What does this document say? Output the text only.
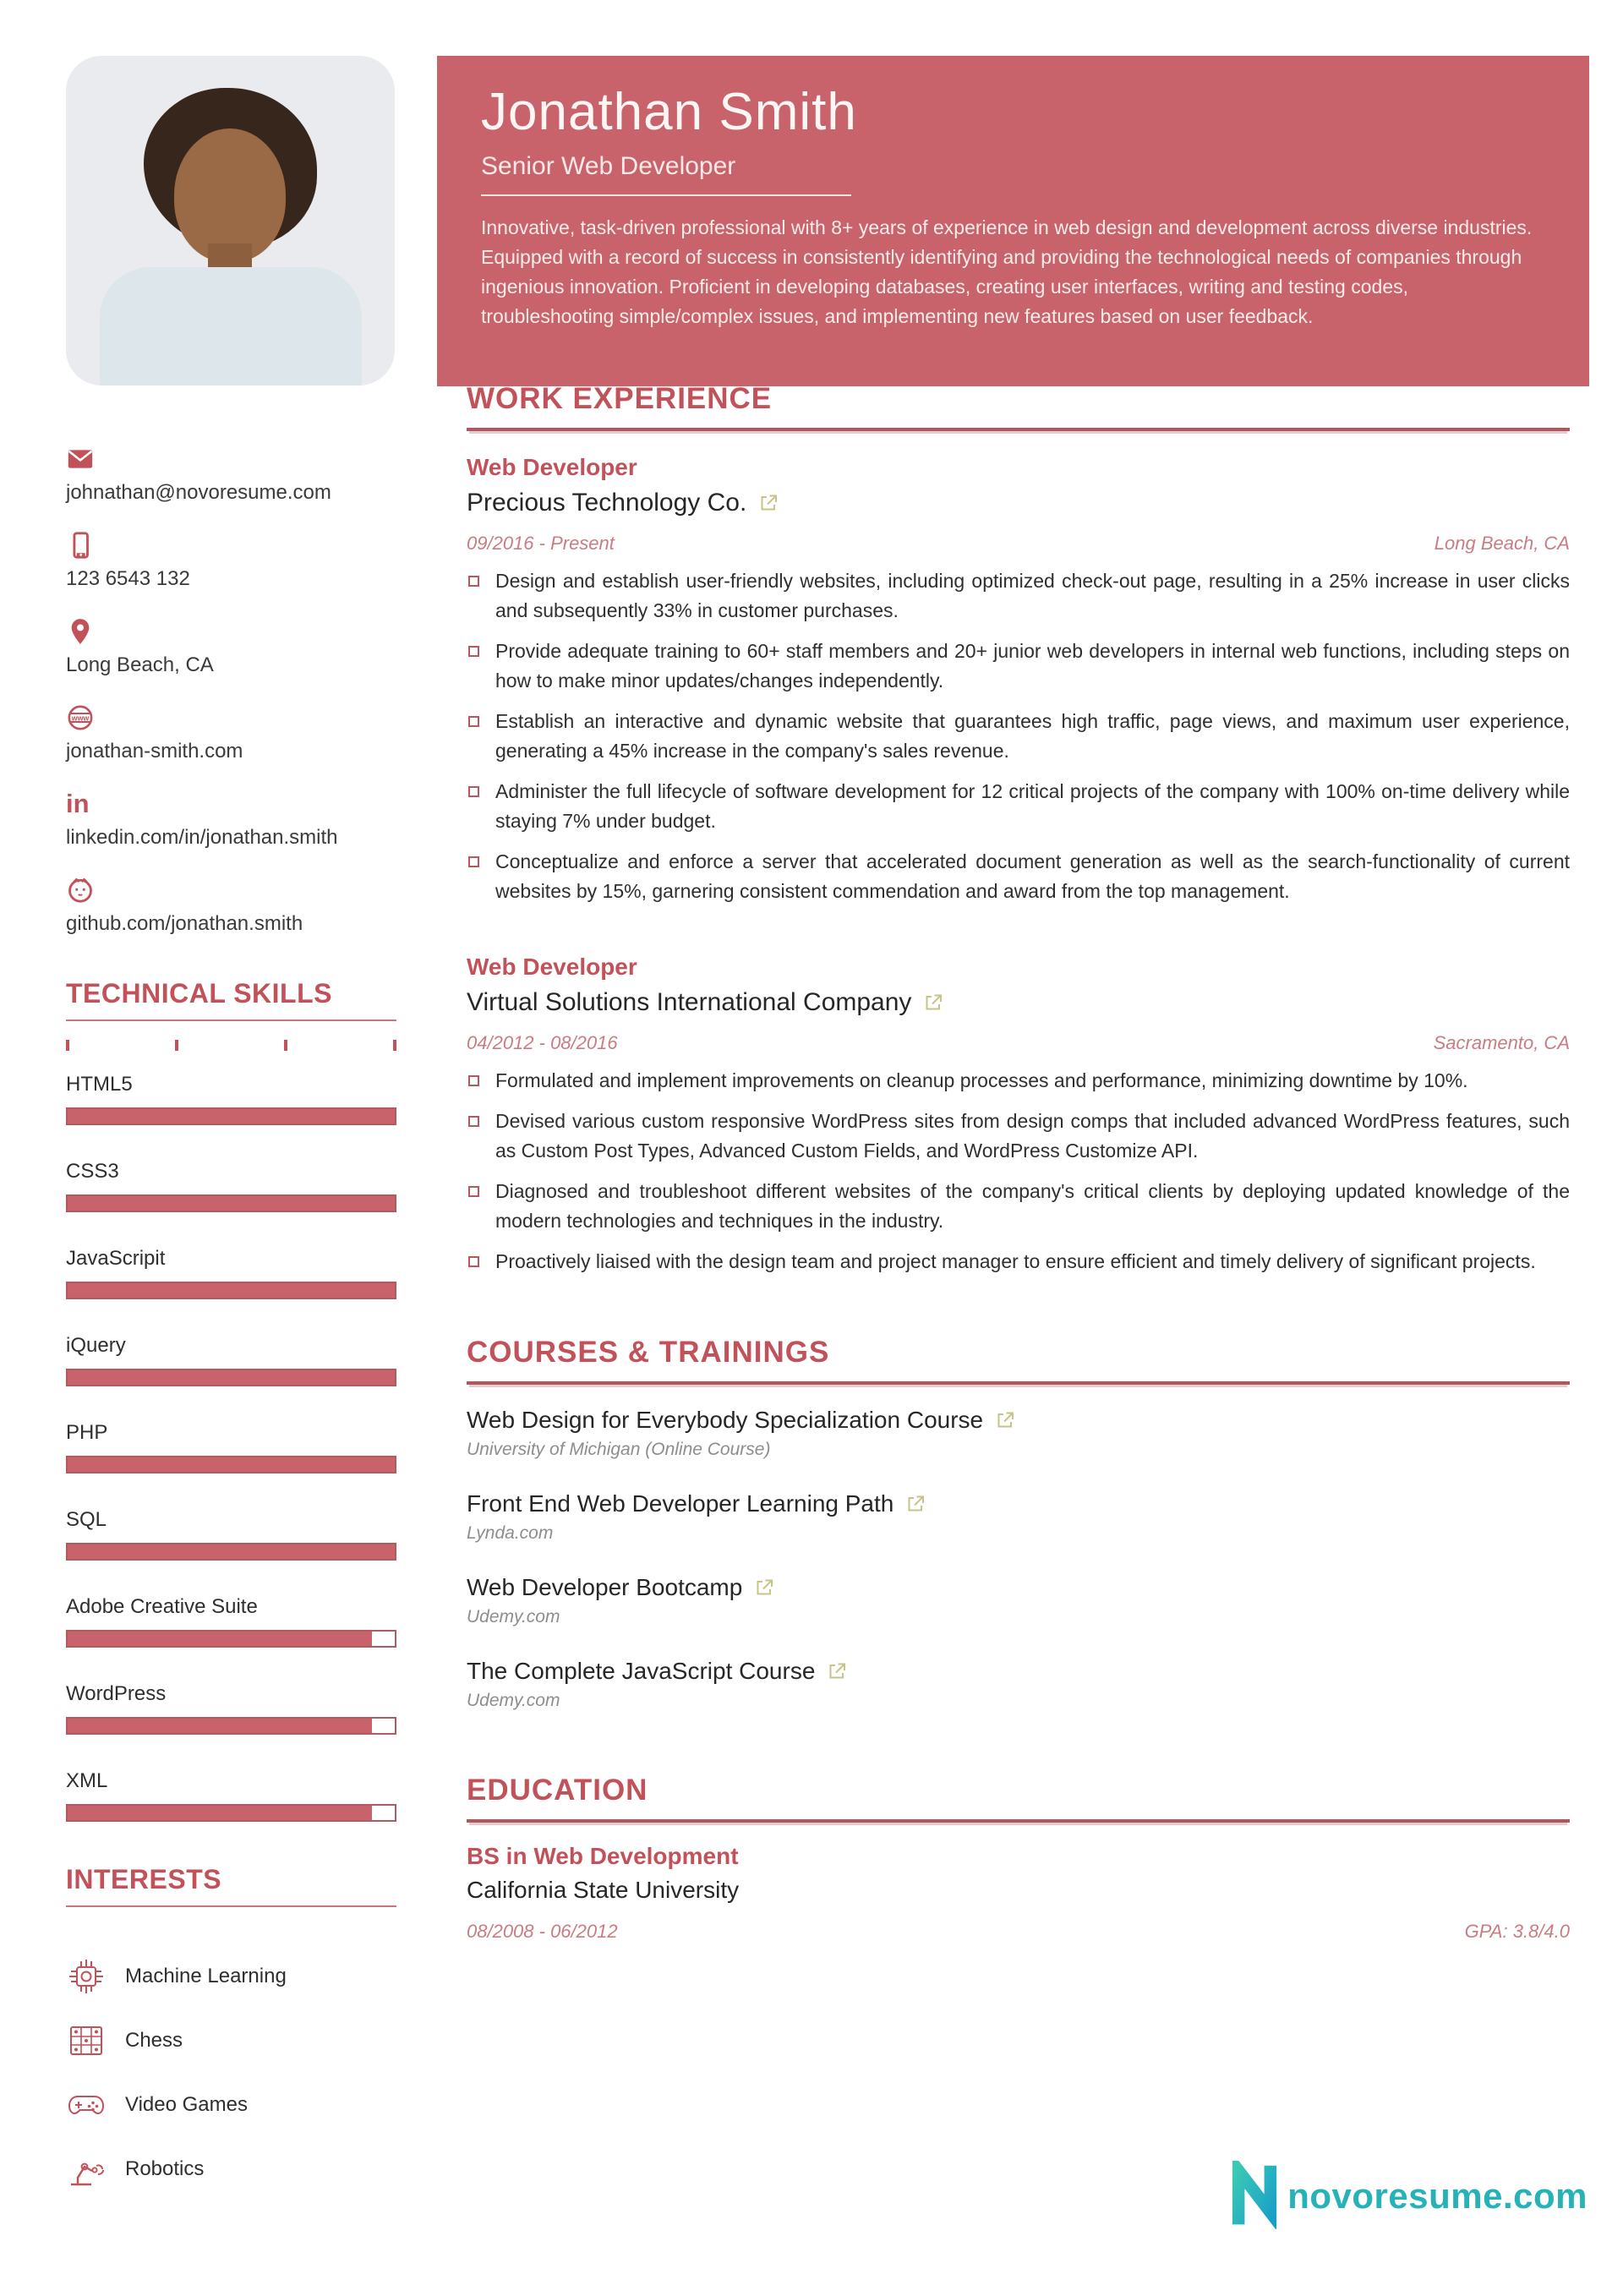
johnathan@novoresume.com
123 6543 132
Long Beach, CA
www
jonathan-smith.com
in
linkedin.com/in/jonathan.smith
github.com/jonathan.smith
TECHNICAL SKILLS
HTML5
CSS3
JavaScripit
iQuery
PHP
SQL
Adobe Creative Suite
WordPress
XML
INTERESTS
Machine Learning
Chess
Video Games
Robotics
Jonathan Smith
Senior Web Developer
Innovative, task-driven professional with 8+ years of experience in web design and development across diverse industries. Equipped with a record of success in consistently identifying and providing the technological needs of companies through ingenious innovation. Proficient in developing databases, creating user interfaces, writing and testing codes, troubleshooting simple/complex issues, and implementing new features based on user feedback.
WORK EXPERIENCE
Web Developer
Precious Technology Co.
09/2016 - Present	Long Beach, CA
Design and establish user-friendly websites, including optimized check-out page, resulting in a 25% increase in user clicks and subsequently 33% in customer purchases.
Provide adequate training to 60+ staff members and 20+ junior web developers in internal web functions, including steps on how to make minor updates/changes independently.
Establish an interactive and dynamic website that guarantees high traffic, page views, and maximum user experience, generating a 45% increase in the company's sales revenue.
Administer the full lifecycle of software development for 12 critical projects of the company with 100% on-time delivery while staying 7% under budget.
Conceptualize and enforce a server that accelerated document generation as well as the search-functionality of current websites by 15%, garnering consistent commendation and award from the top management.
Web Developer
Virtual Solutions International Company
04/2012 - 08/2016	Sacramento, CA
Formulated and implement improvements on cleanup processes and performance, minimizing downtime by 10%.
Devised various custom responsive WordPress sites from design comps that included advanced WordPress features, such as Custom Post Types, Advanced Custom Fields, and WordPress Customize API.
Diagnosed and troubleshoot different websites of the company's critical clients by deploying updated knowledge of the modern technologies and techniques in the industry.
Proactively liaised with the design team and project manager to ensure efficient and timely delivery of significant projects.
COURSES & TRAININGS
Web Design for Everybody Specialization Course
University of Michigan (Online Course)
Front End Web Developer Learning Path
Lynda.com
Web Developer Bootcamp
Udemy.com
The Complete JavaScript Course
Udemy.com
EDUCATION
BS in Web Development
California State University
08/2008 - 06/2012	GPA: 3.8/4.0
novoresume.com
